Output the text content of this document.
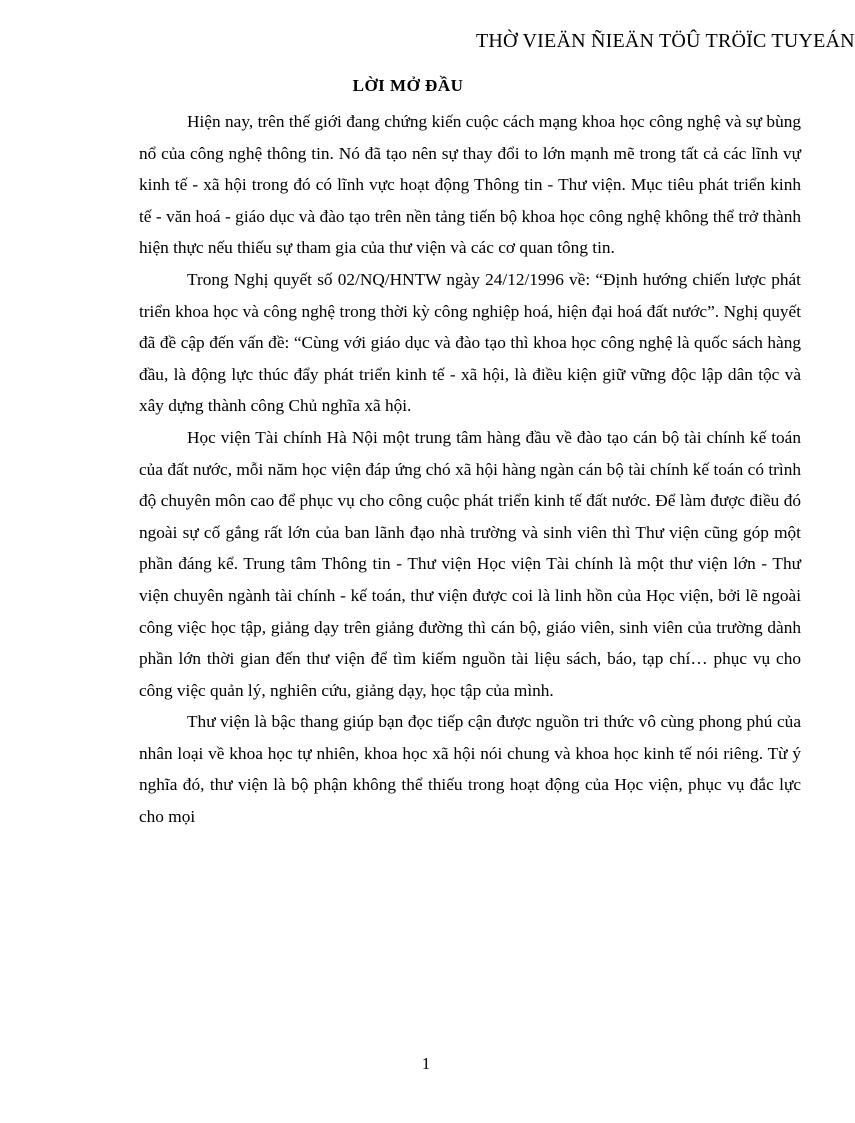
THỜ VIEÄN ÑIEÄN TÖÛ TRÖÏC TUYEÁN
LỜI MỞ ĐẦU

Hiện nay, trên thế giới đang chứng kiến cuộc cách mạng khoa học công nghệ và sự bùng nổ của công nghệ thông tin. Nó đã tạo nên sự thay đổi to lớn mạnh mẽ trong tất cả các lĩnh vự kinh tế - xã hội trong đó có lĩnh vực hoạt động Thông tin - Thư viện. Mục tiêu phát triển kinh tế - văn hoá - giáo dục và đào tạo trên nền tảng tiến bộ khoa học công nghệ không thể trở thành hiện thực nếu thiếu sự tham gia của thư viện và các cơ quan tông tin.

Trong Nghị quyết số 02/NQ/HNTW ngày 24/12/1996 về: “Định hướng chiến lược phát triển khoa học và công nghệ trong thời kỳ công nghiệp hoá, hiện đại hoá đất nước”. Nghị quyết đã đề cập đến vấn đề: “Cùng với giáo dục và đào tạo thì khoa học công nghệ là quốc sách hàng đầu, là động lực thúc đẩy phát triển kinh tế - xã hội, là điều kiện giữ vững độc lập dân tộc và xây dựng thành công Chủ nghĩa xã hội.

Học viện Tài chính Hà Nội một trung tâm hàng đầu về đào tạo cán bộ tài chính kế toán của đất nước, mỗi năm học viện đáp ứng chó xã hội hàng ngàn cán bộ tài chính kế toán có trình độ chuyên môn cao để phục vụ cho công cuộc phát triển kinh tế đất nước. Để làm được điều đó ngoài sự cố gắng rất lớn của ban lãnh đạo nhà trường và sinh viên thì Thư viện cũng góp một phần đáng kể. Trung tâm Thông tin - Thư viện Học viện Tài chính là một thư viện lớn - Thư viện chuyên ngành tài chính - kế toán, thư viện được coi là linh hồn của Học viện, bởi lẽ ngoài công việc học tập, giảng dạy trên giảng đường thì cán bộ, giáo viên, sinh viên của trường dành phần lớn thời gian đến thư viện để tìm kiếm nguồn tài liệu sách, báo, tạp chí… phục vụ cho công việc quản lý, nghiên cứu, giảng dạy, học tập của mình.

Thư viện là bậc thang giúp bạn đọc tiếp cận được nguồn tri thức vô cùng phong phú của nhân loại về khoa học tự nhiên, khoa học xã hội nói chung và khoa học kinh tế nói riêng. Từ ý nghĩa đó, thư viện là bộ phận không thể thiếu trong hoạt động của Học viện, phục vụ đắc lực cho mọi

1
